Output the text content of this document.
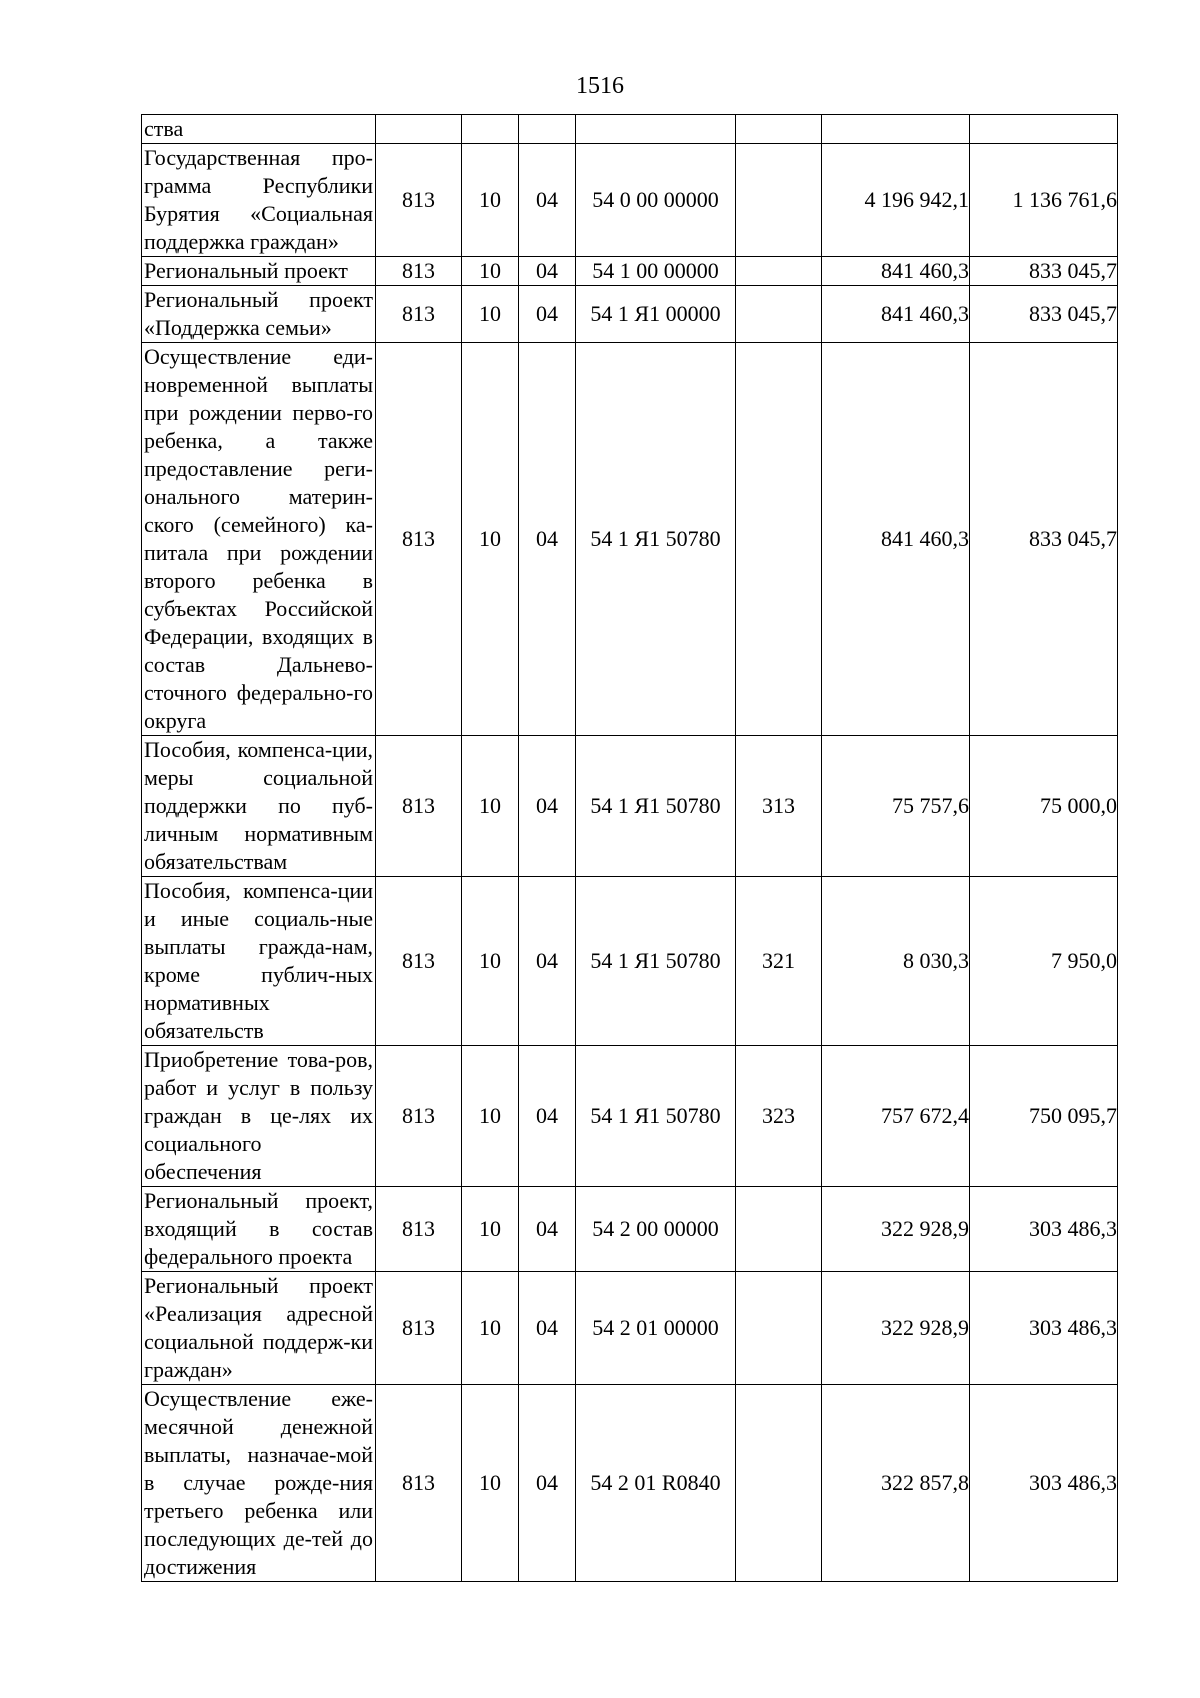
1516
ства							
Государственная про-грамма Республики Бурятия «Социальная поддержка граждан»	813	10	04	54 0 00 00000		4 196 942,1	1 136 761,6
Региональный проект	813	10	04	54 1 00 00000		841 460,3	833 045,7
Региональный проект «Поддержка семьи»	813	10	04	54 1 Я1 00000		841 460,3	833 045,7
Осуществление еди-новременной выплаты при рождении перво-го ребенка, а также предоставление реги-онального материн-ского (семейного) ка-питала при рождении второго ребенка в субъектах Российской Федерации, входящих в состав Дальнево-сточного федерально-го округа	813	10	04	54 1 Я1 50780		841 460,3	833 045,7
Пособия, компенса-ции, меры социальной поддержки по пуб-личным нормативным обязательствам	813	10	04	54 1 Я1 50780	313	75 757,6	75 000,0
Пособия, компенса-ции и иные социаль-ные выплаты гражда-нам, кроме публич-ных нормативных обязательств	813	10	04	54 1 Я1 50780	321	8 030,3	7 950,0
Приобретение това-ров, работ и услуг в пользу граждан в це-лях их социального обеспечения	813	10	04	54 1 Я1 50780	323	757 672,4	750 095,7
Региональный проект, входящий в состав федерального проекта	813	10	04	54 2 00 00000		322 928,9	303 486,3
Региональный проект «Реализация адресной социальной поддерж-ки граждан»	813	10	04	54 2 01 00000		322 928,9	303 486,3
Осуществление еже-месячной денежной выплаты, назначае-мой в случае рожде-ния третьего ребенка или последующих де-тей до достижения	813	10	04	54 2 01 R0840		322 857,8	303 486,3
